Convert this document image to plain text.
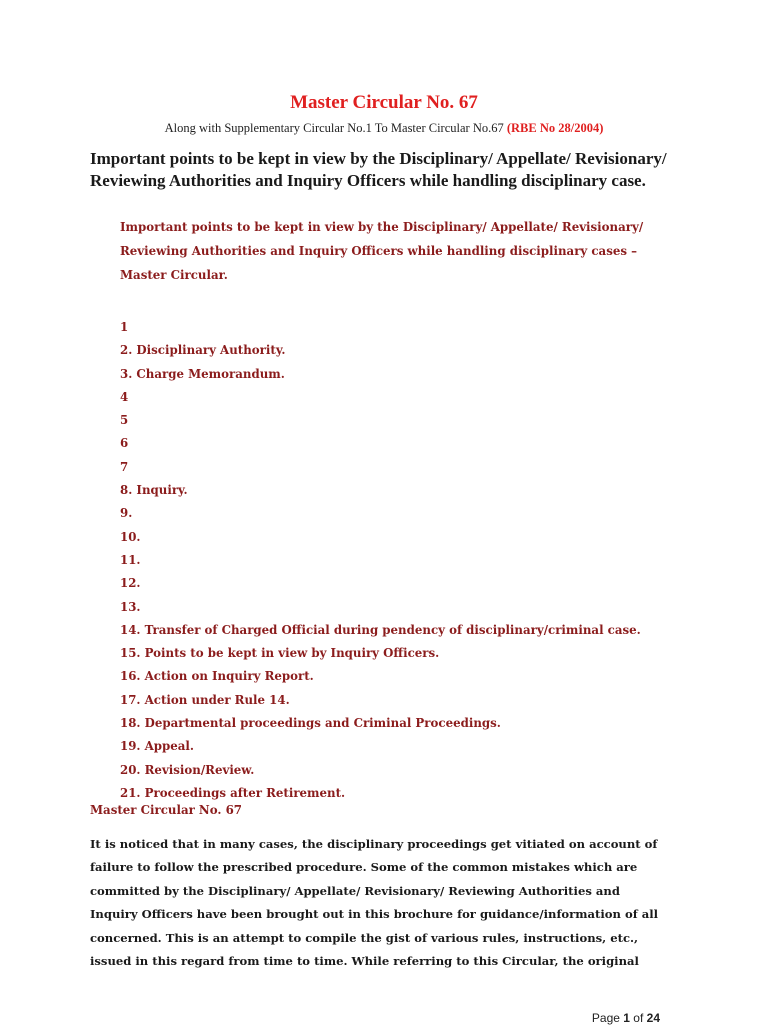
Master Circular No. 67
Along with Supplementary Circular No.1 To Master Circular No.67 (RBE No 28/2004)
Important points to be kept in view by the Disciplinary/ Appellate/ Revisionary/ Reviewing Authorities and Inquiry Officers while handling disciplinary case.
Important points to be kept in view by the Disciplinary/ Appellate/ Revisionary/ Reviewing Authorities and Inquiry Officers while handling disciplinary cases – Master Circular.
1
2. Disciplinary Authority.
3. Charge Memorandum.
4
5
6
7
8. Inquiry.
9.
10.
11.
12.
13.
14. Transfer of Charged Official during pendency of disciplinary/criminal case.
15. Points to be kept in view by Inquiry Officers.
16. Action on Inquiry Report.
17. Action under Rule 14.
18. Departmental proceedings and Criminal Proceedings.
19. Appeal.
20. Revision/Review.
21. Proceedings after Retirement.
Master Circular No. 67
It is noticed that in many cases, the disciplinary proceedings get vitiated on account of failure to follow the prescribed procedure. Some of the common mistakes which are committed by the Disciplinary/ Appellate/ Revisionary/ Reviewing Authorities and Inquiry Officers have been brought out in this brochure for guidance/information of all concerned. This is an attempt to compile the gist of various rules, instructions, etc., issued in this regard from time to time. While referring to this Circular, the original
Page 1 of 24
